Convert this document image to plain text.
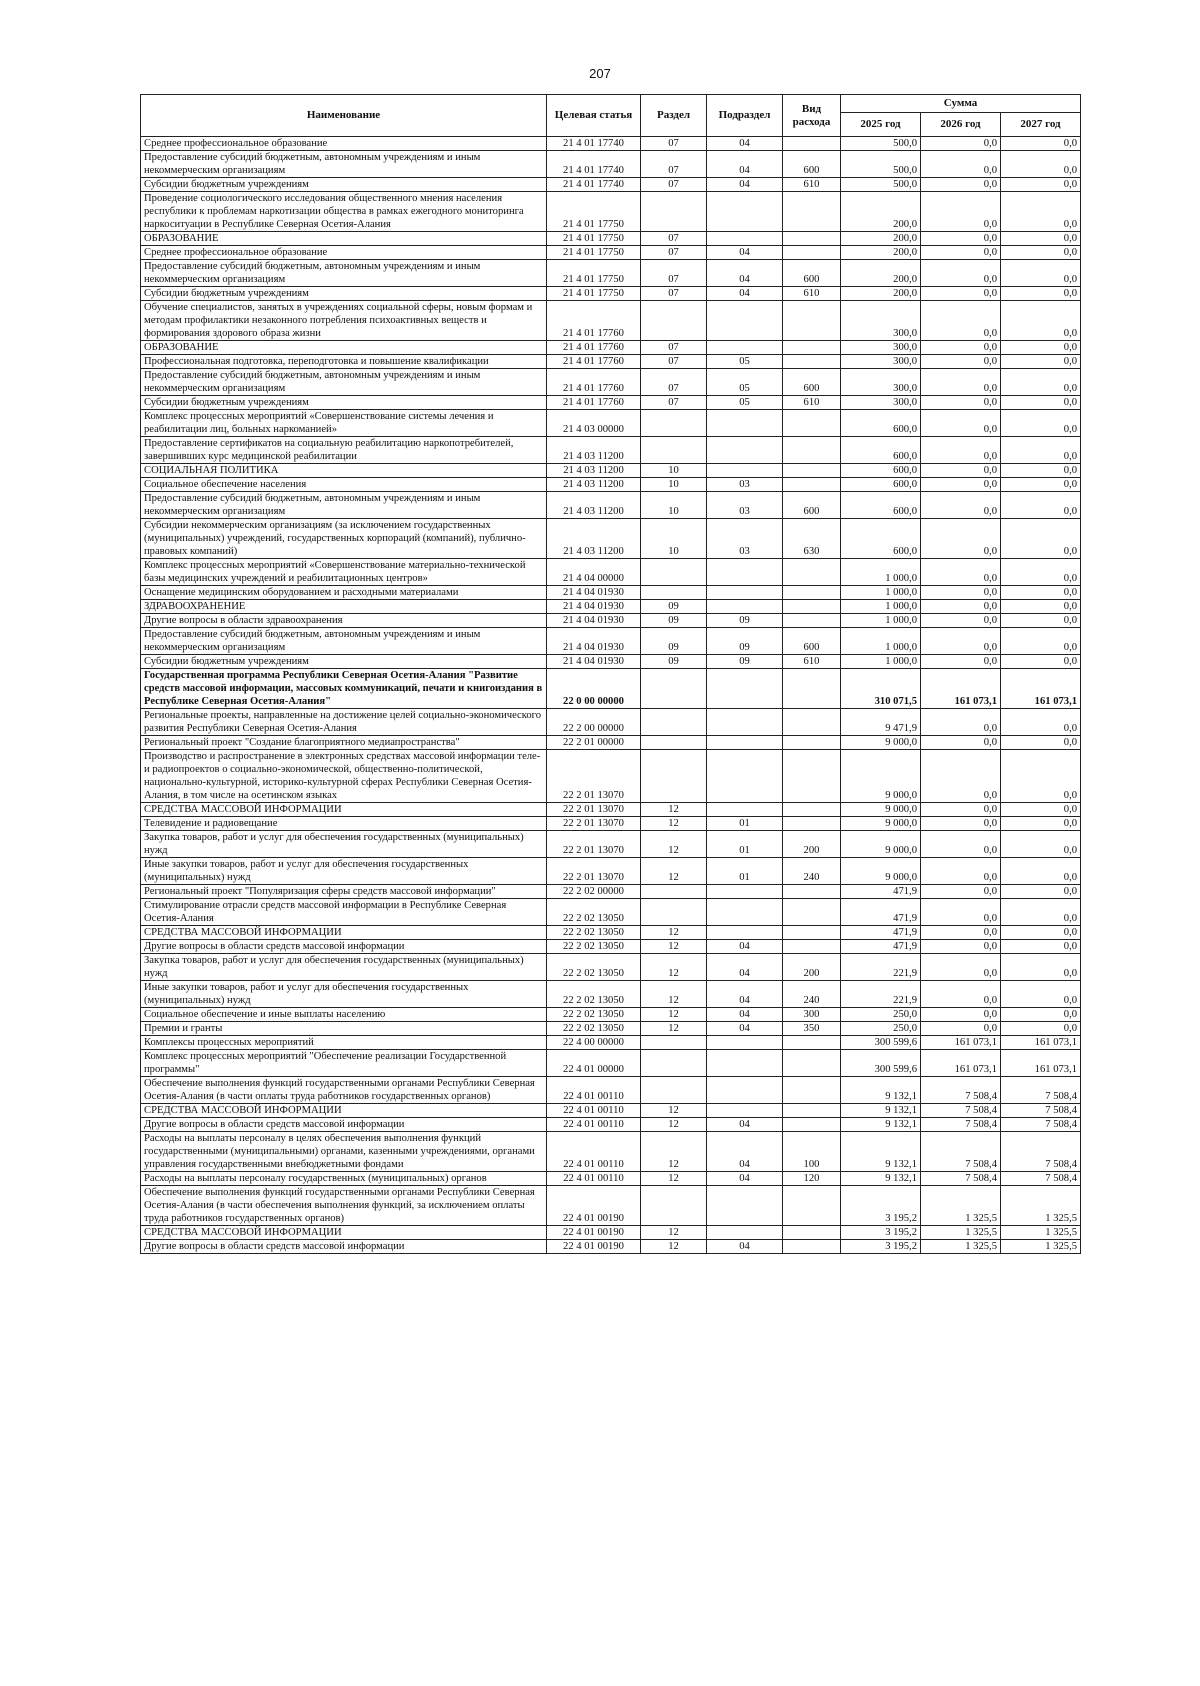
207
Наименование	Целевая статья	Раздел	Подраздел	Вид расхода	Сумма		
					2025 год	2026 год	2027 год
Среднее профессиональное образование	21 4 01 17740	07	04		500,0	0,0	0,0
Предоставление субсидий бюджетным, автономным учреждениям и иным некоммерческим организациям	21 4 01 17740	07	04	600	500,0	0,0	0,0
Субсидии бюджетным учреждениям	21 4 01 17740	07	04	610	500,0	0,0	0,0
Проведение социологического исследования общественного мнения населения республики к проблемам наркотизации общества в рамках ежегодного мониторинга наркоситуации в Республике Северная Осетия-Алания	21 4 01 17750				200,0	0,0	0,0
ОБРАЗОВАНИЕ	21 4 01 17750	07			200,0	0,0	0,0
Среднее профессиональное образование	21 4 01 17750	07	04		200,0	0,0	0,0
Предоставление субсидий бюджетным, автономным учреждениям и иным некоммерческим организациям	21 4 01 17750	07	04	600	200,0	0,0	0,0
Субсидии бюджетным учреждениям	21 4 01 17750	07	04	610	200,0	0,0	0,0
Обучение специалистов, занятых в учреждениях социальной сферы, новым формам и методам профилактики незаконного потребления психоактивных веществ и формирования здорового образа жизни	21 4 01 17760				300,0	0,0	0,0
ОБРАЗОВАНИЕ	21 4 01 17760	07			300,0	0,0	0,0
Профессиональная подготовка, переподготовка и повышение квалификации	21 4 01 17760	07	05		300,0	0,0	0,0
Предоставление субсидий бюджетным, автономным учреждениям и иным некоммерческим организациям	21 4 01 17760	07	05	600	300,0	0,0	0,0
Субсидии бюджетным учреждениям	21 4 01 17760	07	05	610	300,0	0,0	0,0
Комплекс процессных мероприятий «Совершенствование системы лечения и реабилитации лиц, больных наркоманией»	21 4 03 00000				600,0	0,0	0,0
Предоставление сертификатов на социальную реабилитацию наркопотребителей, завершивших курс медицинской реабилитации	21 4 03 11200				600,0	0,0	0,0
СОЦИАЛЬНАЯ ПОЛИТИКА	21 4 03 11200	10			600,0	0,0	0,0
Социальное обеспечение населения	21 4 03 11200	10	03		600,0	0,0	0,0
Предоставление субсидий бюджетным, автономным учреждениям и иным некоммерческим организациям	21 4 03 11200	10	03	600	600,0	0,0	0,0
Субсидии некоммерческим организациям (за исключением государственных (муниципальных) учреждений, государственных корпораций (компаний), публично-правовых компаний)	21 4 03 11200	10	03	630	600,0	0,0	0,0
Комплекс процессных мероприятий «Совершенствование материально-технической базы медицинских учреждений и реабилитационных центров»	21 4 04 00000				1 000,0	0,0	0,0
Оснащение медицинским оборудованием и расходными материалами	21 4 04 01930				1 000,0	0,0	0,0
ЗДРАВООХРАНЕНИЕ	21 4 04 01930	09			1 000,0	0,0	0,0
Другие вопросы в области здравоохранения	21 4 04 01930	09	09		1 000,0	0,0	0,0
Предоставление субсидий бюджетным, автономным учреждениям и иным некоммерческим организациям	21 4 04 01930	09	09	600	1 000,0	0,0	0,0
Субсидии бюджетным учреждениям	21 4 04 01930	09	09	610	1 000,0	0,0	0,0
Государственная программа Республики Северная Осетия-Алания "Развитие средств массовой информации, массовых коммуникаций, печати и книгоиздания в Республике Северная Осетия-Алания"	22 0 00 00000				310 071,5	161 073,1	161 073,1
Региональные проекты, направленные на достижение целей социально-экономического развития Республики Северная Осетия-Алания	22 2 00 00000				9 471,9	0,0	0,0
Региональный проект "Создание благоприятного медиапространства"	22 2 01 00000				9 000,0	0,0	0,0
Производство и распространение в электронных средствах массовой информации теле- и радиопроектов о социально-экономической, общественно-политической, национально-культурной, историко-культурной сферах Республики Северная Осетия-Алания, в том числе на осетинском языках	22 2 01 13070				9 000,0	0,0	0,0
СРЕДСТВА МАССОВОЙ ИНФОРМАЦИИ	22 2 01 13070	12			9 000,0	0,0	0,0
Телевидение и радиовещание	22 2 01 13070	12	01		9 000,0	0,0	0,0
Закупка товаров, работ и услуг для обеспечения государственных (муниципальных) нужд	22 2 01 13070	12	01	200	9 000,0	0,0	0,0
Иные закупки товаров, работ и услуг для обеспечения государственных (муниципальных) нужд	22 2 01 13070	12	01	240	9 000,0	0,0	0,0
Региональный проект "Популяризация сферы средств массовой информации"	22 2 02 00000				471,9	0,0	0,0
Стимулирование отрасли средств массовой информации в Республике Северная Осетия-Алания	22 2 02 13050				471,9	0,0	0,0
СРЕДСТВА МАССОВОЙ ИНФОРМАЦИИ	22 2 02 13050	12			471,9	0,0	0,0
Другие вопросы в области средств массовой информации	22 2 02 13050	12	04		471,9	0,0	0,0
Закупка товаров, работ и услуг для обеспечения государственных (муниципальных) нужд	22 2 02 13050	12	04	200	221,9	0,0	0,0
Иные закупки товаров, работ и услуг для обеспечения государственных (муниципальных) нужд	22 2 02 13050	12	04	240	221,9	0,0	0,0
Социальное обеспечение и иные выплаты населению	22 2 02 13050	12	04	300	250,0	0,0	0,0
Премии и гранты	22 2 02 13050	12	04	350	250,0	0,0	0,0
Комплексы процессных мероприятий	22 4 00 00000				300 599,6	161 073,1	161 073,1
Комплекс процессных мероприятий "Обеспечение реализации Государственной программы"	22 4 01 00000				300 599,6	161 073,1	161 073,1
Обеспечение выполнения функций государственными органами Республики Северная Осетия-Алания (в части оплаты труда работников государственных органов)	22 4 01 00110				9 132,1	7 508,4	7 508,4
СРЕДСТВА МАССОВОЙ ИНФОРМАЦИИ	22 4 01 00110	12			9 132,1	7 508,4	7 508,4
Другие вопросы в области средств массовой информации	22 4 01 00110	12	04		9 132,1	7 508,4	7 508,4
Расходы на выплаты персоналу в целях обеспечения выполнения функций государственными (муниципальными) органами, казенными учреждениями, органами управления государственными внебюджетными фондами	22 4 01 00110	12	04	100	9 132,1	7 508,4	7 508,4
Расходы на выплаты персоналу государственных (муниципальных) органов	22 4 01 00110	12	04	120	9 132,1	7 508,4	7 508,4
Обеспечение выполнения функций государственными органами Республики Северная Осетия-Алания (в части обеспечения выполнения функций, за исключением оплаты труда работников государственных органов)	22 4 01 00190				3 195,2	1 325,5	1 325,5
СРЕДСТВА МАССОВОЙ ИНФОРМАЦИИ	22 4 01 00190	12			3 195,2	1 325,5	1 325,5
Другие вопросы в области средств массовой информации	22 4 01 00190	12	04		3 195,2	1 325,5	1 325,5
